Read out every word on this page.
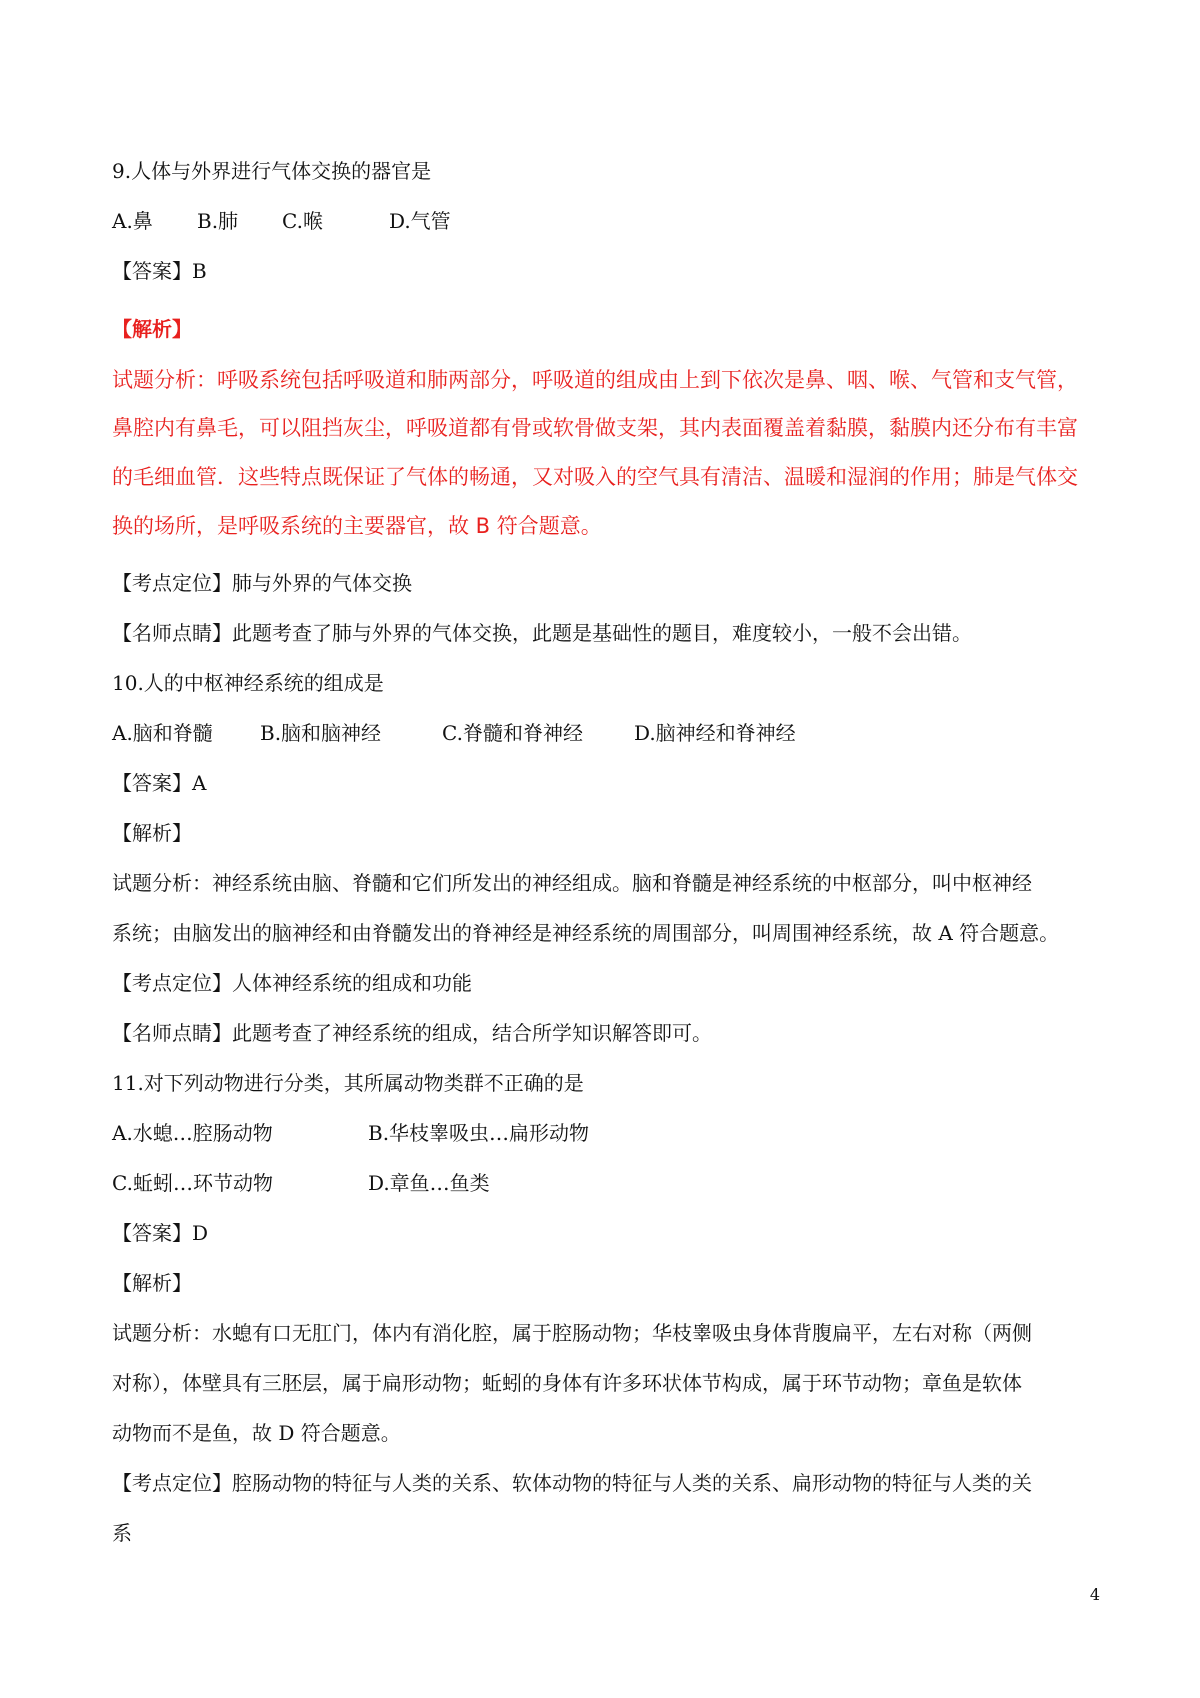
9.人体与外界进行气体交换的器官是
A.鼻 B.肺 C.喉	D.气管
【答案】B
【解析】
试题分析：呼吸系统包括呼吸道和肺两部分，呼吸道的组成由上到下依次是鼻、咽、喉、气管和支气管，
鼻腔内有鼻毛，可以阻挡灰尘，呼吸道都有骨或软骨做支架，其内表面覆盖着黏膜，黏膜内还分布有丰富
的毛细血管．这些特点既保证了气体的畅通，又对吸入的空气具有清洁、温暖和湿润的作用；肺是气体交
换的场所，是呼吸系统的主要器官，故 B 符合题意。
【考点定位】肺与外界的气体交换
【名师点睛】此题考查了肺与外界的气体交换，此题是基础性的题目，难度较小，一般不会出错。
10.人的中枢神经系统的组成是
A.脑和脊髓 B.脑和脑神经	C.脊髓和脊神经	D.脑神经和脊神经
【答案】A
【解析】
试题分析：神经系统由脑、脊髓和它们所发出的神经组成。脑和脊髓是神经系统的中枢部分，叫中枢神经
系统；由脑发出的脑神经和由脊髓发出的脊神经是神经系统的周围部分，叫周围神经系统，故 A 符合题意。
【考点定位】人体神经系统的组成和功能
【名师点睛】此题考查了神经系统的组成，结合所学知识解答即可。
11.对下列动物进行分类，其所属动物类群不正确的是
A.水螅…腔肠动物	B.华枝睾吸虫…扁形动物
C.蚯蚓…环节动物	D.章鱼…鱼类
【答案】D
【解析】
试题分析：水螅有口无肛门，体内有消化腔，属于腔肠动物；华枝睾吸虫身体背腹扁平，左右对称（两侧
对称），体壁具有三胚层，属于扁形动物；蚯蚓的身体有许多环状体节构成，属于环节动物；章鱼是软体
动物而不是鱼，故 D 符合题意。
【考点定位】腔肠动物的特征与人类的关系、软体动物的特征与人类的关系、扁形动物的特征与人类的关
系
4
